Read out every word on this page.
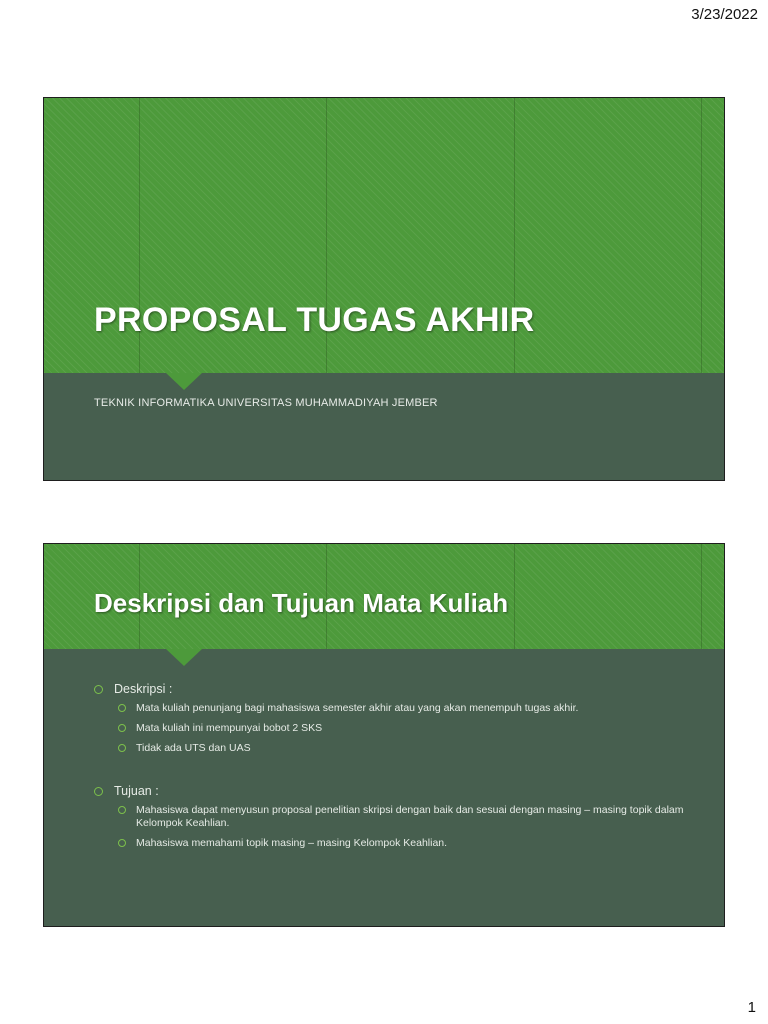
3/23/2022
PROPOSAL TUGAS AKHIR

TEKNIK INFORMATIKA UNIVERSITAS MUHAMMADIYAH JEMBER

Deskripsi dan Tujuan Mata Kuliah
Deskripsi :
Mata kuliah penunjang bagi mahasiswa semester akhir atau yang akan menempuh tugas akhir.
Mata kuliah ini mempunyai bobot 2 SKS
Tidak ada UTS dan UAS
Tujuan :
Mahasiswa dapat menyusun proposal penelitian skripsi dengan baik dan sesuai dengan masing – masing topik dalam Kelompok Keahlian.
Mahasiswa memahami topik masing – masing Kelompok Keahlian.
1
